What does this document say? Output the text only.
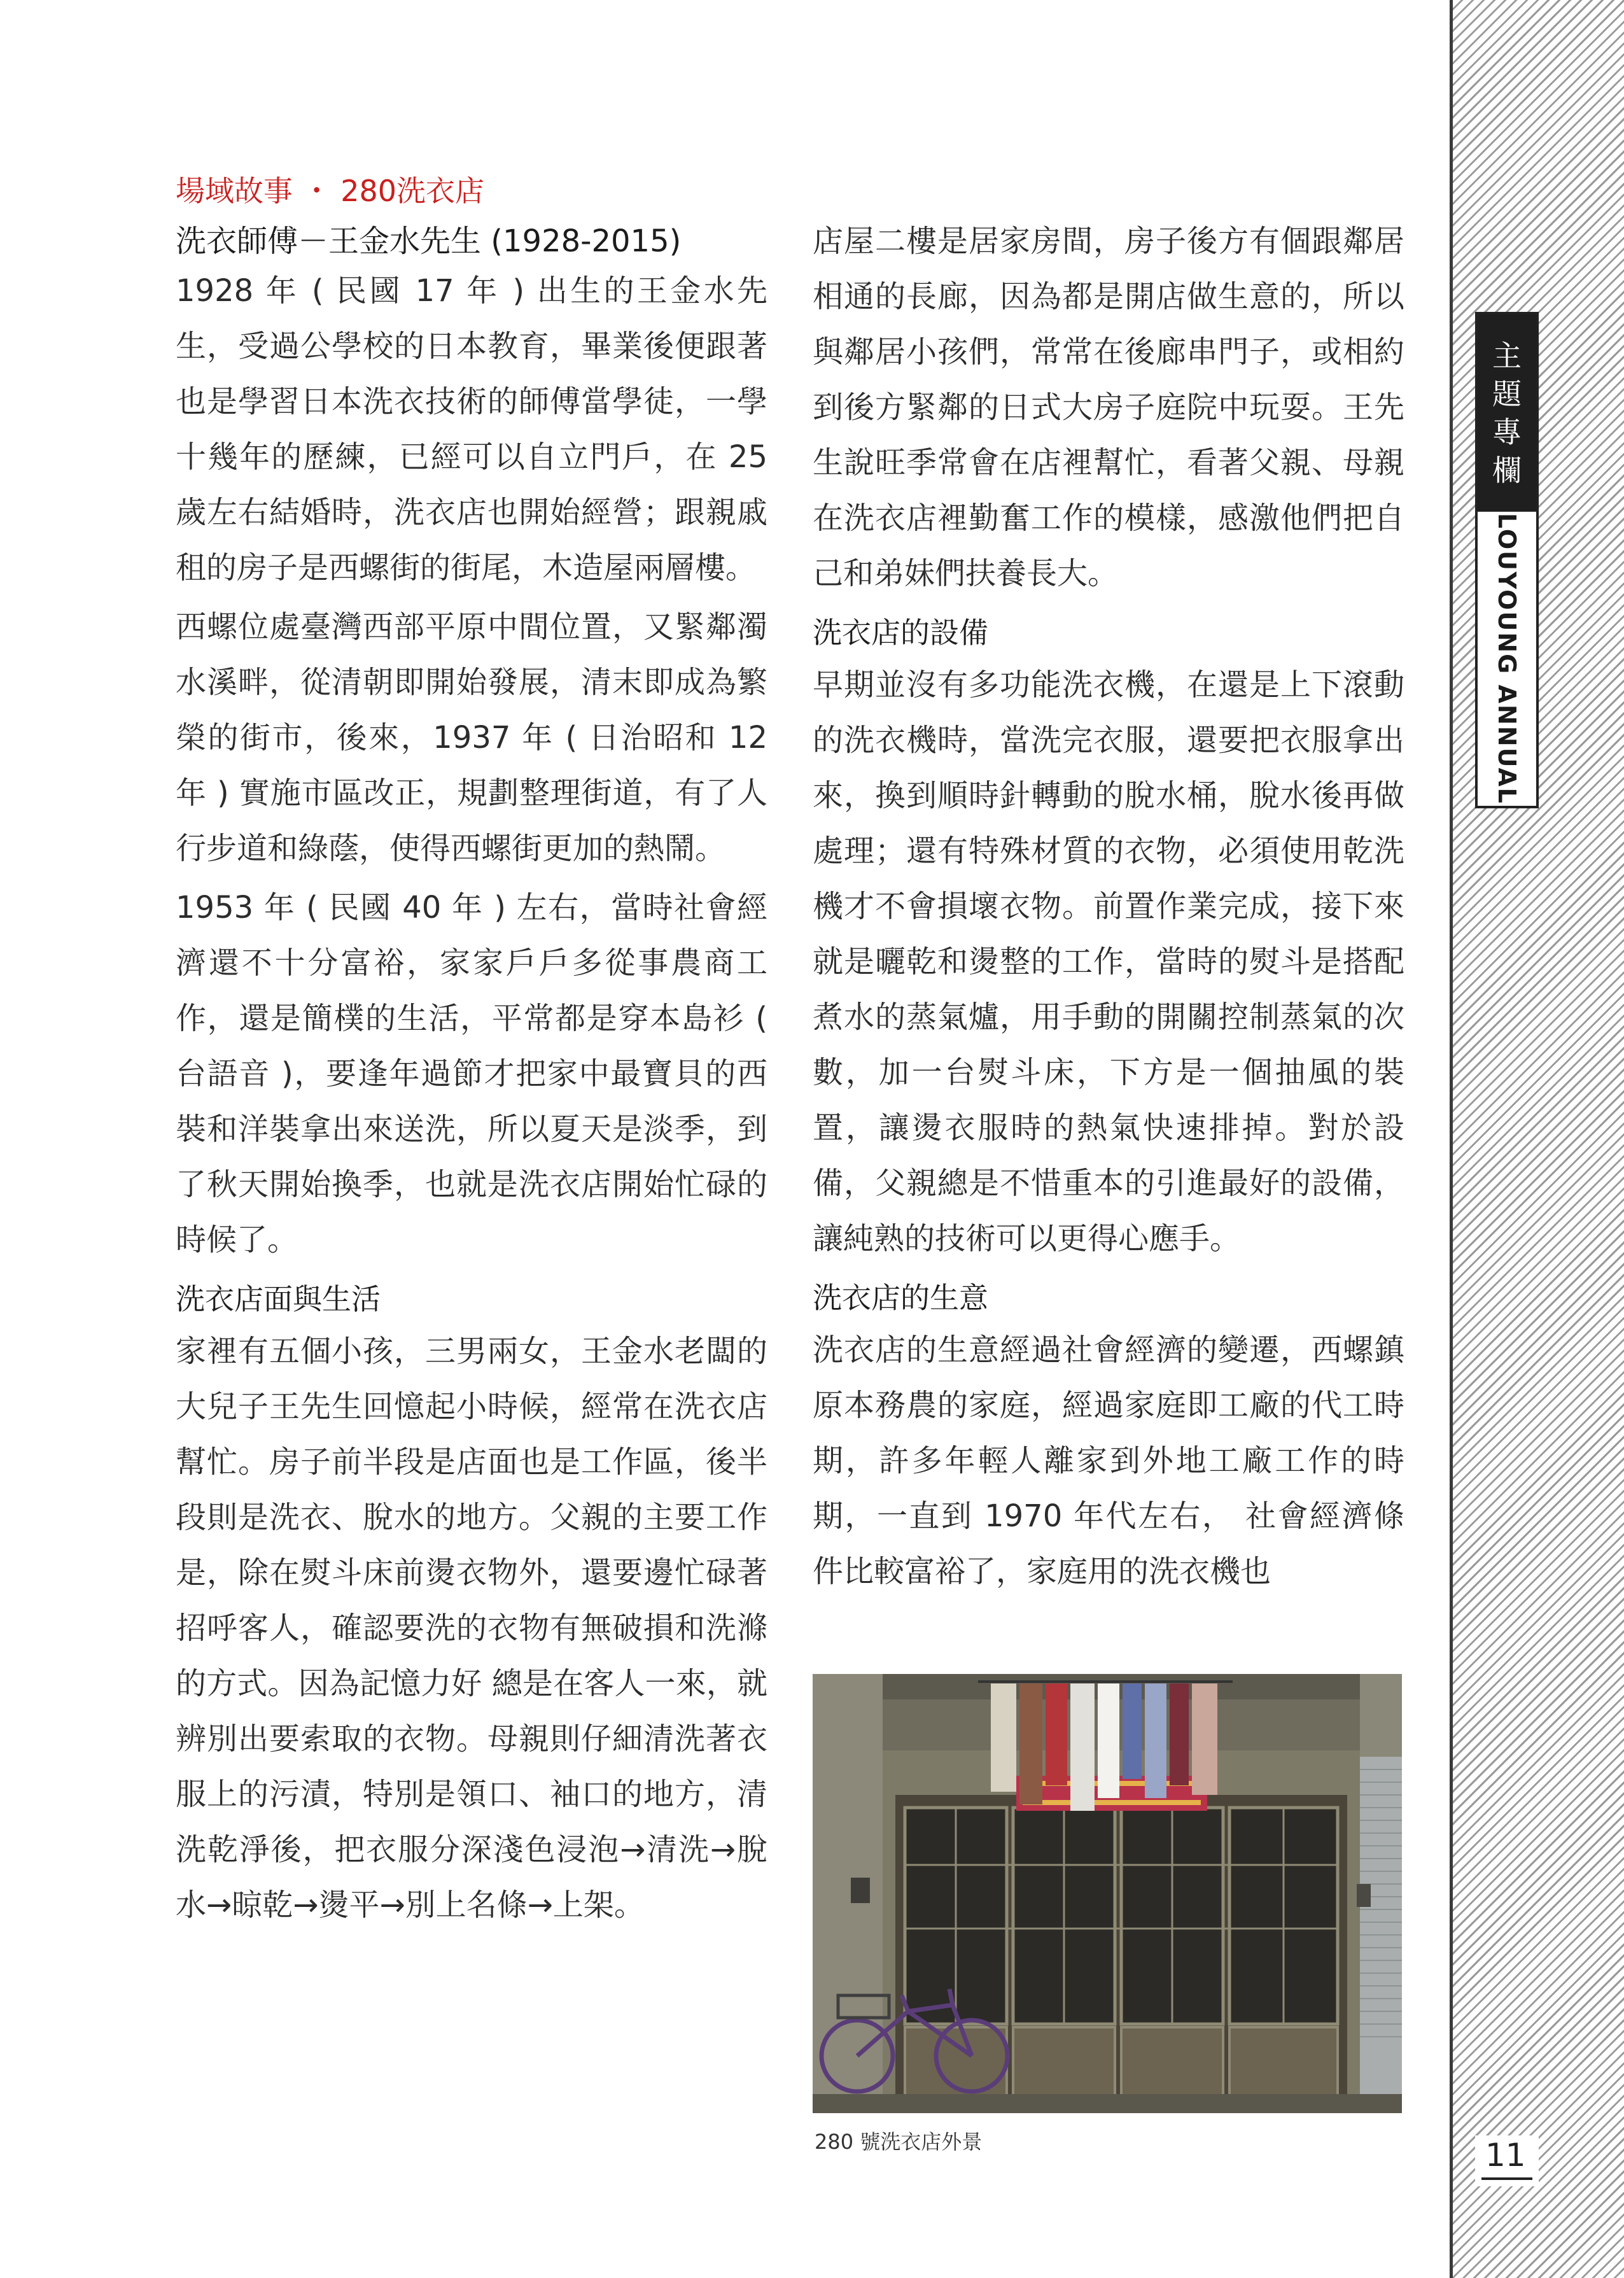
場域故事 ・ 280洗衣店
洗衣師傅－王金水先生 (1928-2015)

1928 年 ( 民國 17 年 ) 出生的王金水先生，受過公學校的日本教育，畢業後便跟著也是學習日本洗衣技術的師傅當學徒，一學十幾年的歷練，已經可以自立門戶，在 25 歲左右結婚時，洗衣店也開始經營；跟親戚租的房子是西螺街的街尾，木造屋兩層樓。

西螺位處臺灣西部平原中間位置，又緊鄰濁水溪畔，從清朝即開始發展，清末即成為繁榮的街市，後來，1937 年 ( 日治昭和 12 年 ) 實施市區改正，規劃整理街道，有了人行步道和綠蔭，使得西螺街更加的熱鬧。

1953 年 ( 民國 40 年 ) 左右，當時社會經濟還不十分富裕，家家戶戶多從事農商工作，還是簡樸的生活，平常都是穿本島衫 ( 台語音 )，要逢年過節才把家中最寶貝的西裝和洋裝拿出來送洗，所以夏天是淡季，到了秋天開始換季，也就是洗衣店開始忙碌的時候了。

洗衣店面與生活

家裡有五個小孩，三男兩女，王金水老闆的大兒子王先生回憶起小時候，經常在洗衣店幫忙。房子前半段是店面也是工作區，後半段則是洗衣、脫水的地方。父親的主要工作是，除在熨斗床前燙衣物外，還要邊忙碌著招呼客人，確認要洗的衣物有無破損和洗滌的方式。因為記憶力好 總是在客人一來，就辨別出要索取的衣物。母親則仔細清洗著衣服上的污漬，特別是領口、袖口的地方，清洗乾淨後，把衣服分深淺色浸泡→清洗→脫水→晾乾→燙平→別上名條→上架。

店屋二樓是居家房間，房子後方有個跟鄰居相通的長廊，因為都是開店做生意的，所以與鄰居小孩們，常常在後廊串門子，或相約到後方緊鄰的日式大房子庭院中玩耍。王先生說旺季常會在店裡幫忙，看著父親、母親在洗衣店裡勤奮工作的模樣，感激他們把自己和弟妹們扶養長大。

洗衣店的設備

早期並沒有多功能洗衣機，在還是上下滾動的洗衣機時，當洗完衣服，還要把衣服拿出來，換到順時針轉動的脫水桶，脫水後再做處理；還有特殊材質的衣物，必須使用乾洗機才不會損壞衣物。前置作業完成，接下來就是曬乾和燙整的工作，當時的熨斗是搭配煮水的蒸氣爐，用手動的開關控制蒸氣的次數，加一台熨斗床，下方是一個抽風的裝置，讓燙衣服時的熱氣快速排掉。對於設備，父親總是不惜重本的引進最好的設備，讓純熟的技術可以更得心應手。

洗衣店的生意

洗衣店的生意經過社會經濟的變遷，西螺鎮原本務農的家庭，經過家庭即工廠的代工時期，許多年輕人離家到外地工廠工作的時期，一直到 1970 年代左右， 社會經濟條件比較富裕了，家庭用的洗衣機也

280 號洗衣店外景
主
題
專
欄
LOUYOUNG ANNUAL
11
